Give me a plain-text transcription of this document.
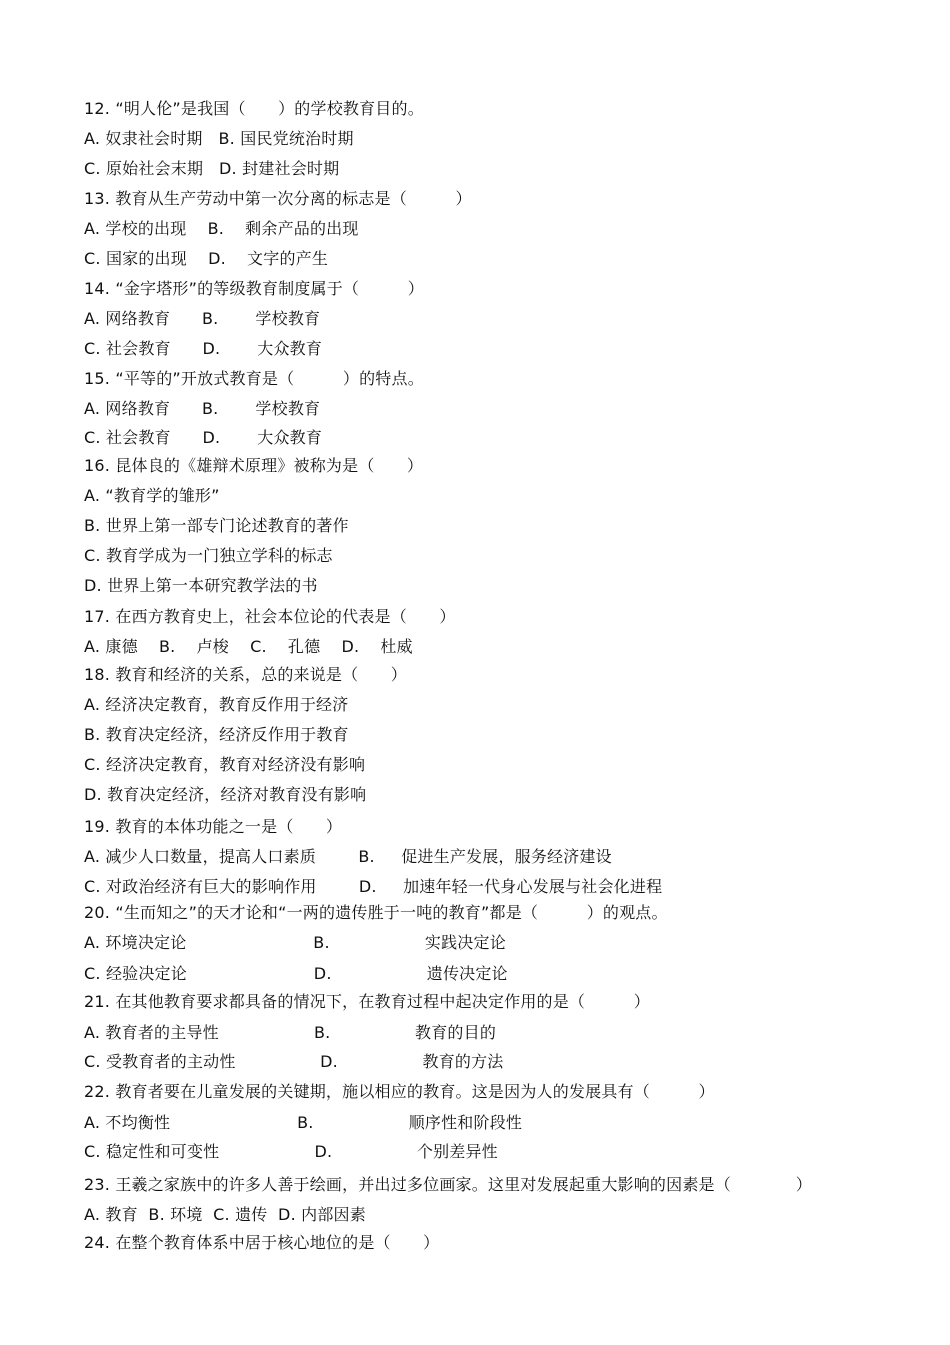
12. “明人伦”是我国（　　）的学校教育目的。
A. 奴隶社会时期   B. 国民党统治时期
C. 原始社会末期   D. 封建社会时期
13. 教育从生产劳动中第一次分离的标志是（　　　）
A. 学校的出现    B.    剩余产品的出现
C. 国家的出现    D.    文字的产生
14. “金字塔形”的等级教育制度属于（　　　）
A. 网络教育      B.       学校教育
C. 社会教育      D.       大众教育
15. “平等的”开放式教育是（　　　）的特点。
A. 网络教育      B.       学校教育
C. 社会教育      D.       大众教育
16. 昆体良的《雄辩术原理》被称为是（　　）
A. “教育学的雏形”
B. 世界上第一部专门论述教育的著作
C. 教育学成为一门独立学科的标志
D. 世界上第一本研究教学法的书
17. 在西方教育史上，社会本位论的代表是（　　）
A. 康德    B.    卢梭    C.    孔德    D.    杜威
18. 教育和经济的关系，总的来说是（　　）
A. 经济决定教育，教育反作用于经济
B. 教育决定经济，经济反作用于教育
C. 经济决定教育，教育对经济没有影响
D. 教育决定经济，经济对教育没有影响
19. 教育的本体功能之一是（　　）
A. 减少人口数量，提高人口素质        B.     促进生产发展，服务经济建设
C. 对政治经济有巨大的影响作用        D.     加速年轻一代身心发展与社会化进程
20. “生而知之”的天才论和“一两的遗传胜于一吨的教育”都是（　　　）的观点。
A. 环境决定论                        B.                  实践决定论
C. 经验决定论                        D.                  遗传决定论
21. 在其他教育要求都具备的情况下，在教育过程中起决定作用的是（　　　）
A. 教育者的主导性                  B.                教育的目的
C. 受教育者的主动性                D.                教育的方法
22. 教育者要在儿童发展的关键期，施以相应的教育。这是因为人的发展具有（　　　）
A. 不均衡性                        B.                  顺序性和阶段性
C. 稳定性和可变性                  D.                个别差异性
23. 王羲之家族中的许多人善于绘画，并出过多位画家。这里对发展起重大影响的因素是（　　　　）
A. 教育  B. 环境  C. 遗传  D. 内部因素
24. 在整个教育体系中居于核心地位的是（　　）
